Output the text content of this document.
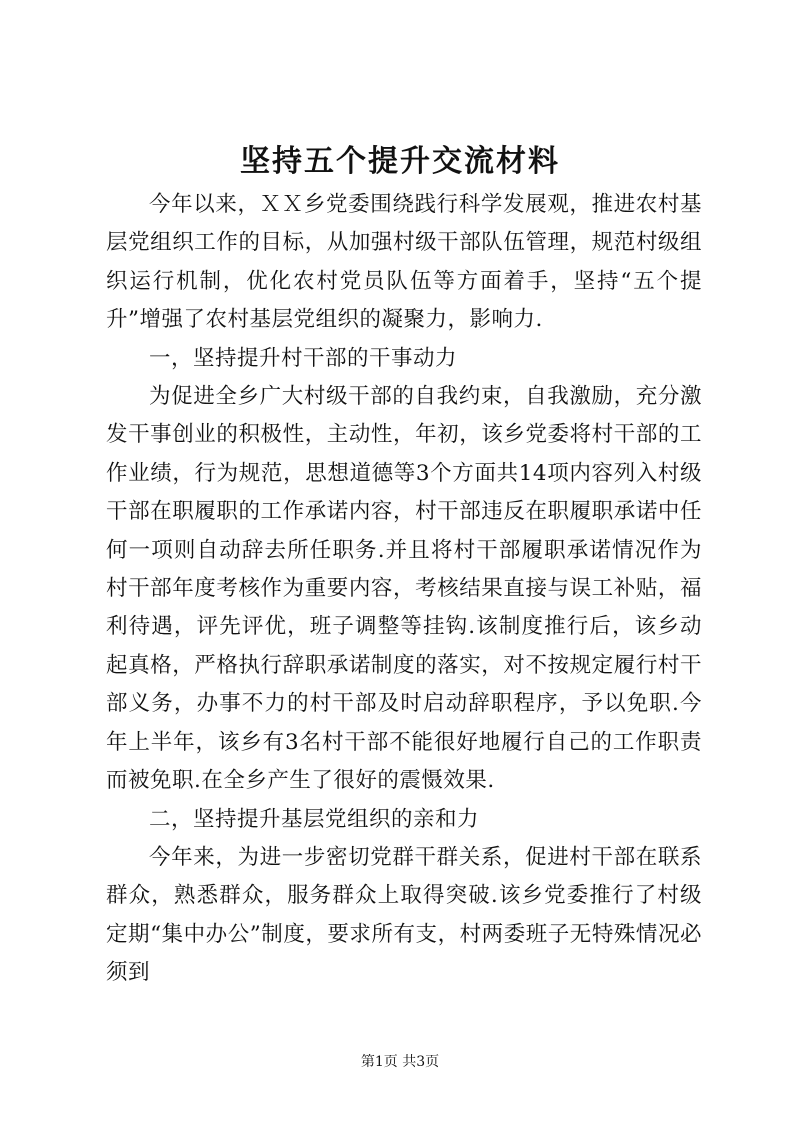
坚持五个提升交流材料

今年以来，ＸＸ乡党委围绕践行科学发展观，推进农村基层党组织工作的目标，从加强村级干部队伍管理，规范村级组织运行机制，优化农村党员队伍等方面着手，坚持“五个提升”增强了农村基层党组织的凝聚力，影响力.

一，坚持提升村干部的干事动力

为促进全乡广大村级干部的自我约束，自我激励，充分激发干事创业的积极性，主动性，年初，该乡党委将村干部的工作业绩，行为规范，思想道德等3个方面共14项内容列入村级干部在职履职的工作承诺内容，村干部违反在职履职承诺中任何一项则自动辞去所任职务.并且将村干部履职承诺情况作为村干部年度考核作为重要内容，考核结果直接与误工补贴，福利待遇，评先评优，班子调整等挂钩.该制度推行后，该乡动起真格，严格执行辞职承诺制度的落实，对不按规定履行村干部义务，办事不力的村干部及时启动辞职程序，予以免职.今年上半年，该乡有3名村干部不能很好地履行自己的工作职责而被免职.在全乡产生了很好的震慑效果.

二，坚持提升基层党组织的亲和力

今年来，为进一步密切党群干群关系，促进村干部在联系群众，熟悉群众，服务群众上取得突破.该乡党委推行了村级定期“集中办公”制度，要求所有支，村两委班子无特殊情况必须到

第1页 共3页
